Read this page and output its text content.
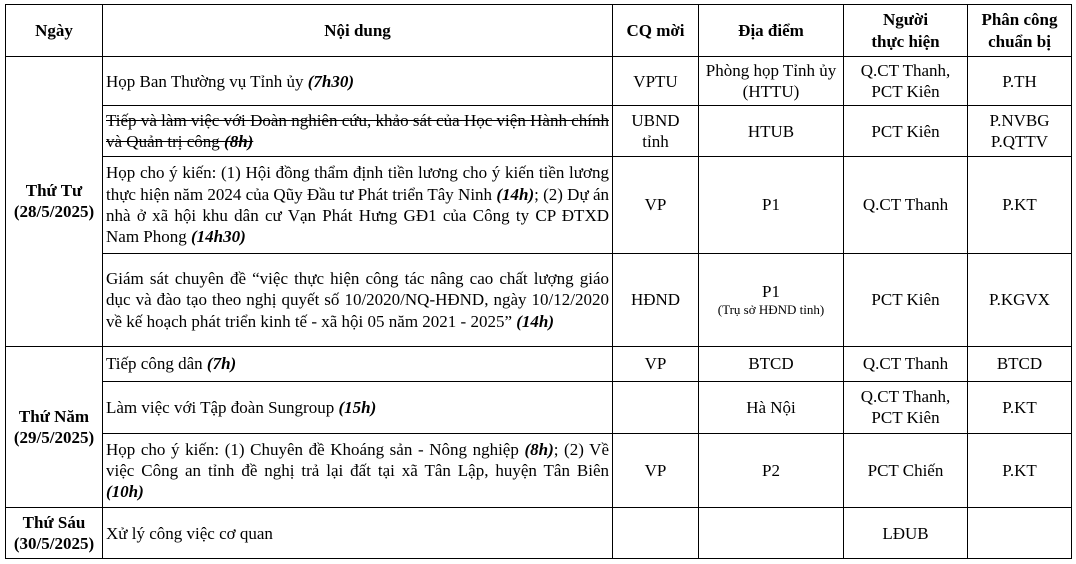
Ngày	Nội dung	CQ mời	Địa điểm	Người
thực hiện	Phân công
chuẩn bị
Thứ Tư
(28/5/2025)	Họp Ban Thường vụ Tỉnh ủy (7h30)	VPTU	Phòng họp Tỉnh ủy (HTTU)	Q.CT Thanh,
PCT Kiên	P.TH
	Tiếp và làm việc với Đoàn nghiên cứu, khảo sát của Học viện Hành chính và Quản trị công (8h)	UBND
tỉnh	HTUB	PCT Kiên	P.NVBG
P.QTTV
	Họp cho ý kiến: (1) Hội đồng thẩm định tiền lương cho ý kiến tiền lương thực hiện năm 2024 của Qũy Đầu tư Phát triển Tây Ninh (14h); (2) Dự án nhà ở xã hội khu dân cư Vạn Phát Hưng GĐ1 của Công ty CP ĐTXD Nam Phong (14h30)	VP	P1	Q.CT Thanh	P.KT
	Giám sát chuyên đề “việc thực hiện công tác nâng cao chất lượng giáo dục và đào tạo theo nghị quyết số 10/2020/NQ-HĐND, ngày 10/12/2020 về kế hoạch phát triển kinh tế - xã hội 05 năm 2021 - 2025” (14h)	HĐND	P1
(Trụ sở HĐND tỉnh)	PCT Kiên	P.KGVX
Thứ Năm
(29/5/2025)	Tiếp công dân (7h)	VP	BTCD	Q.CT Thanh	BTCD
	Làm việc với Tập đoàn Sungroup (15h)		Hà Nội	Q.CT Thanh,
PCT Kiên	P.KT
	Họp cho ý kiến: (1) Chuyên đề Khoáng sản - Nông nghiệp (8h); (2) Về việc Công an tỉnh đề nghị trả lại đất tại xã Tân Lập, huyện Tân Biên (10h)	VP	P2	PCT Chiến	P.KT
Thứ Sáu
(30/5/2025)	Xử lý công việc cơ quan			LĐUB	
